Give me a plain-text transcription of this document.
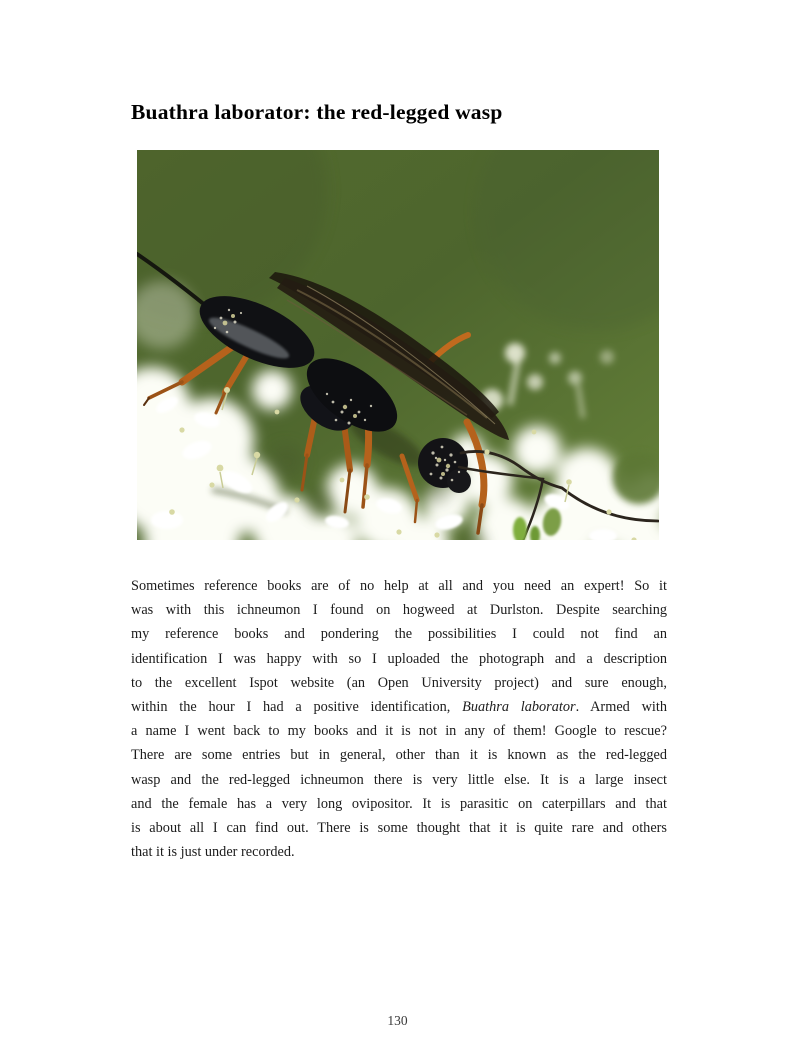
Buathra laborator: the red-legged wasp
Sometimes reference books are of no help at all and you need an expert! So it
was with this ichneumon I found on hogweed at Durlston. Despite searching
my reference books and pondering the possibilities I could not find an
identification I was happy with so I uploaded the photograph and a description
to the excellent Ispot website (an Open University project) and sure enough,
within the hour I had a positive identification, Buathra laborator. Armed with
a name I went back to my books and it is not in any of them! Google to rescue?
There are some entries but in general, other than it is known as the red-legged
wasp and the red-legged ichneumon there is very little else. It is a large insect
and the female has a very long ovipositor. It is parasitic on caterpillars and that
is about all I can find out. There is some thought that it is quite rare and others
that it is just under recorded.
130
